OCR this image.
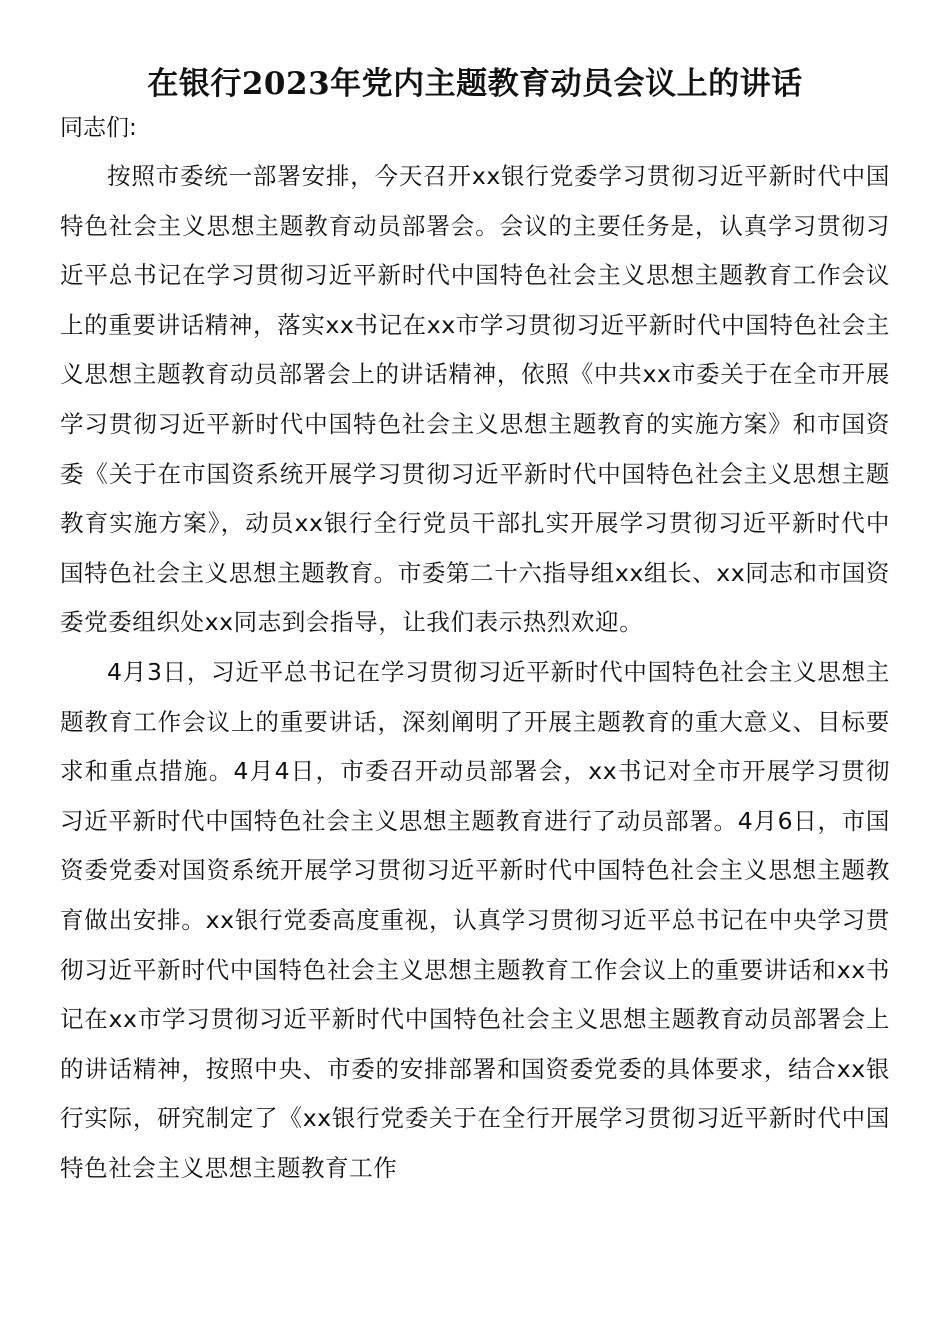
在银行2023年党内主题教育动员会议上的讲话
同志们:

按照市委统一部署安排，今天召开xx银行党委学习贯彻习近平新时代中国特色社会主义思想主题教育动员部署会。会议的主要任务是，认真学习贯彻习近平总书记在学习贯彻习近平新时代中国特色社会主义思想主题教育工作会议上的重要讲话精神，落实xx书记在xx市学习贯彻习近平新时代中国特色社会主义思想主题教育动员部署会上的讲话精神，依照《中共xx市委关于在全市开展学习贯彻习近平新时代中国特色社会主义思想主题教育的实施方案》和市国资委《关于在市国资系统开展学习贯彻习近平新时代中国特色社会主义思想主题教育实施方案》，动员xx银行全行党员干部扎实开展学习贯彻习近平新时代中国特色社会主义思想主题教育。市委第二十六指导组xx组长、xx同志和市国资委党委组织处xx同志到会指导，让我们表示热烈欢迎。

4月3日，习近平总书记在学习贯彻习近平新时代中国特色社会主义思想主题教育工作会议上的重要讲话，深刻阐明了开展主题教育的重大意义、目标要求和重点措施。4月4日，市委召开动员部署会，xx书记对全市开展学习贯彻习近平新时代中国特色社会主义思想主题教育进行了动员部署。4月6日，市国资委党委对国资系统开展学习贯彻习近平新时代中国特色社会主义思想主题教育做出安排。xx银行党委高度重视，认真学习贯彻习近平总书记在中央学习贯彻习近平新时代中国特色社会主义思想主题教育工作会议上的重要讲话和xx书记在xx市学习贯彻习近平新时代中国特色社会主义思想主题教育动员部署会上的讲话精神，按照中央、市委的安排部署和国资委党委的具体要求，结合xx银行实际，研究制定了《xx银行党委关于在全行开展学习贯彻习近平新时代中国特色社会主义思想主题教育工作
